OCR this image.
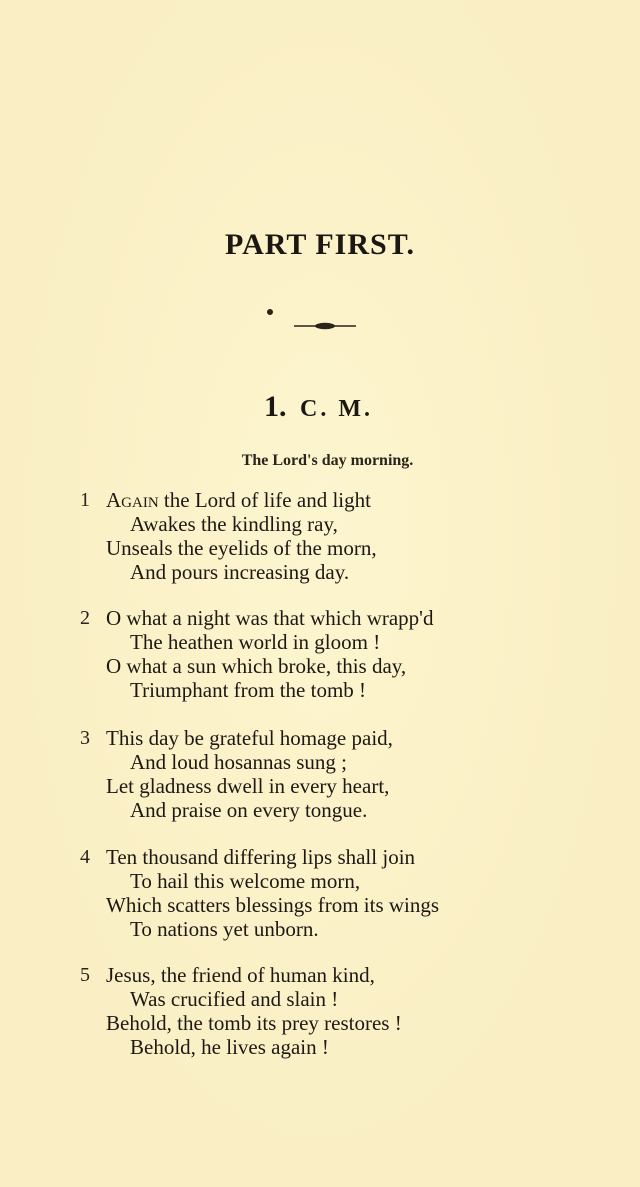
PART FIRST.
1. C. M.
The Lord's day morning.
1 Again the Lord of life and light
Awakes the kindling ray,
Unseals the eyelids of the morn,
And pours increasing day.
2 O what a night was that which wrapp'd
The heathen world in gloom !
O what a sun which broke, this day,
Triumphant from the tomb !
3 This day be grateful homage paid,
And loud hosannas sung ;
Let gladness dwell in every heart,
And praise on every tongue.
4 Ten thousand differing lips shall join
To hail this welcome morn,
Which scatters blessings from its wings
To nations yet unborn.
5 Jesus, the friend of human kind,
Was crucified and slain !
Behold, the tomb its prey restores !
Behold, he lives again !
